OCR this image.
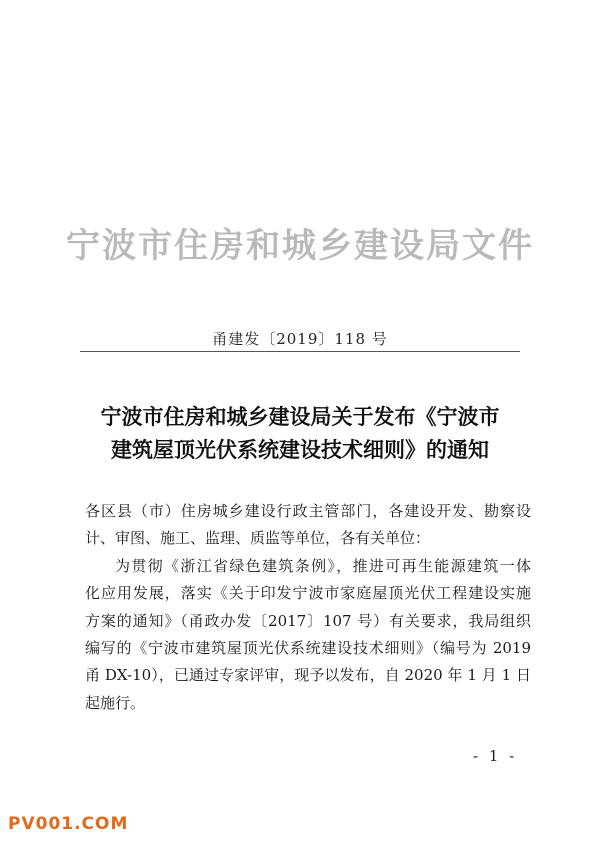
宁波市住房和城乡建设局文件
甬建发〔2019〕118 号
宁波市住房和城乡建设局关于发布《宁波市
建筑屋顶光伏系统建设技术细则》的通知
各区县（市）住房城乡建设行政主管部门，各建设开发、勘察设
计、审图、施工、监理、质监等单位，各有关单位：
为贯彻《浙江省绿色建筑条例》，推进可再生能源建筑一体
化应用发展，落实《关于印发宁波市家庭屋顶光伏工程建设实施
方案的通知》（甬政办发〔2017〕107 号）有关要求，我局组织
编写的《宁波市建筑屋顶光伏系统建设技术细则》（编号为 2019
甬 DX-10），已通过专家评审，现予以发布，自 2020 年 1 月 1 日
起施行。
- 1 -
PV001.COM
